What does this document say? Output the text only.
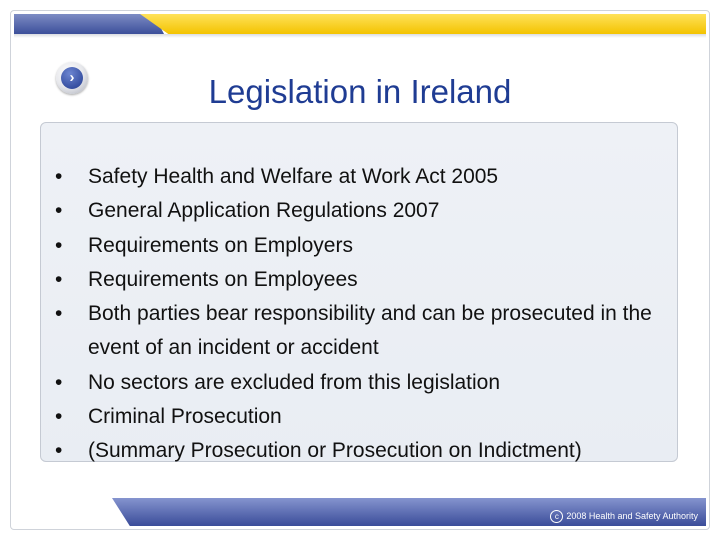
›	Legislation in Ireland
•	Safety Health and Welfare at Work Act 2005
•	General Application Regulations 2007
•	Requirements on Employers
•	Requirements on Employees
•	Both parties bear responsibility and can be prosecuted in the event of an incident or accident
•	No sectors are excluded from this legislation
•	Criminal Prosecution
•	(Summary Prosecution or Prosecution on Indictment)
c 2008 Health and Safety Authority
